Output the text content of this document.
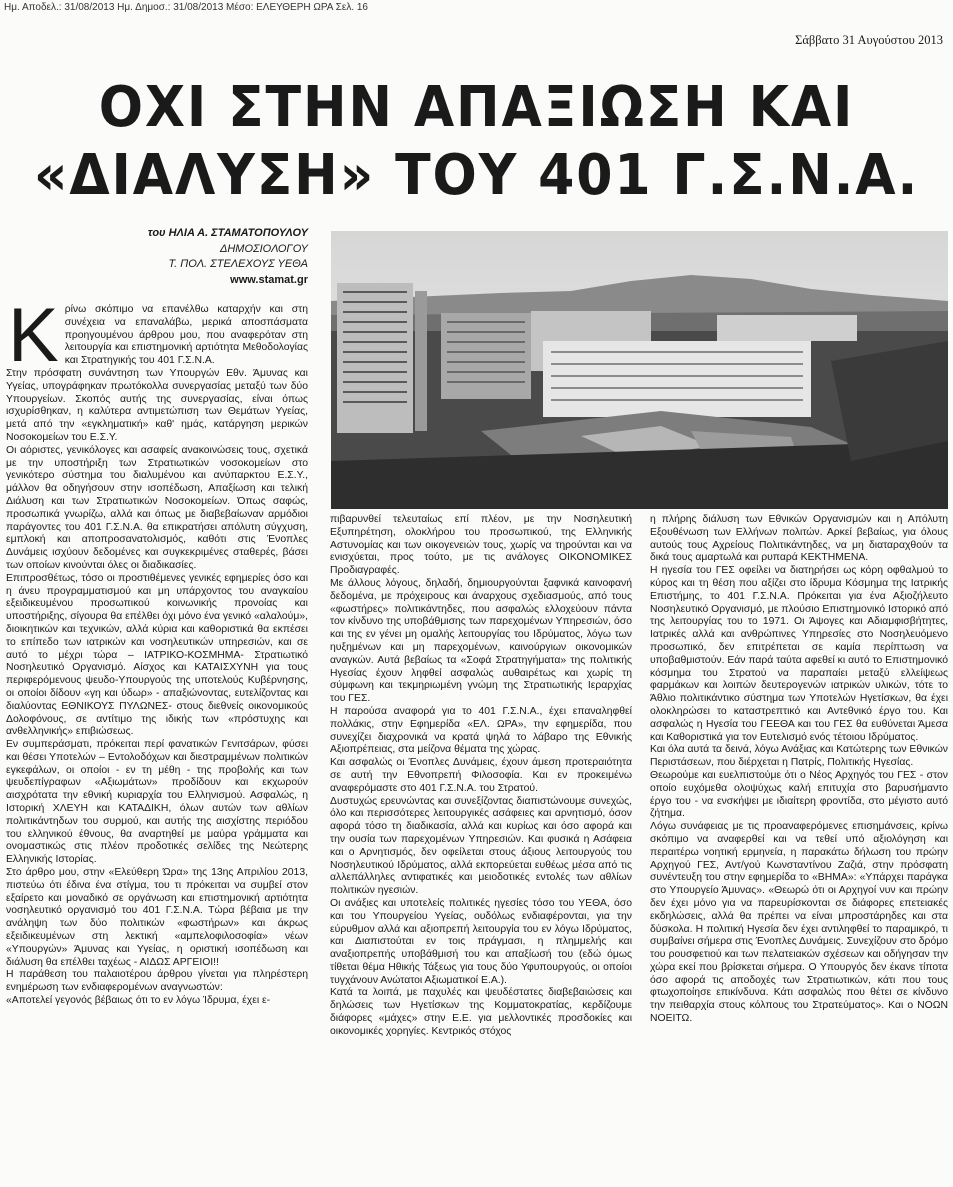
Ημ. Αποδελ.: 31/08/2013 Ημ. Δημοσ.: 31/08/2013 Μέσο: ΕΛΕΥΘΕΡΗ ΩΡΑ Σελ. 16
Σάββατο 31 Αυγούστου 2013
ΟΧΙ ΣΤΗΝ ΑΠΑΞΙΩΣΗ ΚΑΙ
«ΔΙΑΛΥΣΗ» ΤΟΥ 401 Γ.Σ.Ν.Α.
του ΗΛΙΑ Α. ΣΤΑΜΑΤΟΠΟΥΛΟΥ
ΔΗΜΟΣΙΟΛΟΓΟΥ
Τ. ΠΟΛ. ΣΤΕΛΕΧΟΥΣ ΥΕΘΑ
www.stamat.gr
Κ ρίνω σκόπιμο να επανέλθω καταρχήν και στη συνέχεια να επαναλάβω, μερικά αποσπάσματα προηγουμένου άρθρου μου, που αναφερόταν στη λειτουργία και επιστημονική αρτιότητα Μεθοδολογίας και Στρατηγικής του 401 Γ.Σ.Ν.Α.

Στην πρόσφατη συνάντηση των Υπουργών Εθν. Άμυνας και Υγείας, υπογράφηκαν πρωτόκολλα συνεργασίας μεταξύ των δύο Υπουργείων. Σκοπός αυτής της συνεργασίας, είναι όπως ισχυρίσθηκαν, η καλύτερα αντιμετώπιση των Θεμάτων Υγείας, μετά από την «εγκληματική» καθ' ημάς, κατάργηση μερικών Νοσοκομείων του Ε.Σ.Υ.

Οι αόριστες, γενικόλογες και ασαφείς ανακοινώσεις τους, σχετικά με την υποστήριξη των Στρατιωτικών νοσοκομείων στο γενικότερο σύστημα του διαλυμένου και ανύπαρκτου Ε.Σ.Υ., μάλλον θα οδηγήσουν στην ισοπέδωση, Απαξίωση και τελική Διάλυση και των Στρατιωτικών Νοσοκομείων. Όπως σαφώς, προσωπικά γνωρίζω, αλλά και όπως με διαβεβαίωναν αρμόδιοι παράγοντες του 401 Γ.Σ.Ν.Α. θα επικρατήσει απόλυτη σύγχυση, εμπλοκή και αποπροσανατολισμός, καθότι στις Ένοπλες Δυνάμεις ισχύουν δεδομένες και συγκεκριμένες σταθερές, βάσει των οποίων κινούνται όλες οι διαδικασίες.

Επιπροσθέτως, τόσο οι προστιθέμενες γενικές εφημερίες όσο και η άνευ προγραμματισμού και μη υπάρχοντος του αναγκαίου εξειδικευμένου προσωπικού κοινωνικής προνοίας και υποστήριξης, σίγουρα θα επέλθει όχι μόνο ένα γενικό «αλαλούμ», διοικητικών και τεχνικών, αλλά κύρια και καθοριστικά θα εκπέσει το επίπεδο των ιατρικών και νοσηλευτικών υπηρεσιών, και σε αυτό το μέχρι τώρα – ΙΑΤΡΙΚΟ-ΚΟΣΜΗΜΑ- Στρατιωτικό Νοσηλευτικό Οργανισμό. Αίσχος και ΚΑΤΑΙΣΧΥΝΗ για τους περιφερόμενους ψευδο-Υπουργούς της υποτελούς Κυβέρνησης, οι οποίοι δίδουν «γη και ύδωρ» - απαξιώνοντας, ευτελίζοντας και διαλύοντας ΕΘΝΙΚΟΥΣ ΠΥΛΩΝΕΣ- στους διεθνείς οικονομικούς Δολοφόνους, σε αντίτιμο της ιδικής των «πρόστυχης και ανθελληνικής» επιβιώσεως.

Εν συμπεράσματι, πρόκειται περί φανατικών Γενιτσάρων, φύσει και θέσει Υποτελών – Εντολοδόχων και διεστραμμένων πολιτικών εγκεφάλων, οι οποίοι - εν τη μέθη - της προβολής και των ψευδεπίγραφων «Αξιωμάτων» προδίδουν και εκχωρούν αισχρότατα την εθνική κυριαρχία του Ελληνισμού. Ασφαλώς, η Ιστορική ΧΛΕΥΗ και ΚΑΤΑΔΙΚΗ, όλων αυτών των αθλίων πολιτικάντηδων του συρμού, και αυτής της αισχίστης περιόδου του ελληνικού έθνους, θα αναρτηθεί με μαύρα γράμματα και ονομαστικώς στις πλέον προδοτικές σελίδες της Νεώτερης Ελληνικής Ιστορίας.

Στο άρθρο μου, στην «Ελεύθερη Ώρα» της 13ης Απριλίου 2013, πιστεύω ότι έδινα ένα στίγμα, του τι πρόκειται να συμβεί στον εξαίρετο και μοναδικό σε οργάνωση και επιστημονική αρτιότητα νοσηλευτικό οργανισμό του 401 Γ.Σ.Ν.Α. Τώρα βέβαια με την ανάληψη των δύο πολιτικών «φωστήρων» και άκρως εξειδικευμένων στη λεκτική «αμπελοφιλοσοφία» νέων «Υπουργών» Άμυνας και Υγείας, η οριστική ισοπέδωση και διάλυση θα επέλθει ταχέως - ΑΙΔΩΣ ΑΡΓΕΙΟΙ!!

Η παράθεση του παλαιοτέρου άρθρου γίνεται για πληρέστερη ενημέρωση των ενδιαφερομένων αναγνωστών:

«Αποτελεί γεγονός βέβαιως ότι το εν λόγω Ίδρυμα, έχει ε-

πιβαρυνθεί τελευταίως επί πλέον, με την Νοσηλευτική Εξυπηρέτηση, ολοκλήρου του προσωπικού, της Ελληνικής Αστυνομίας και των οικογενειών τους, χωρίς να τηρούνται και να ενισχύεται, προς τούτο, με τις ανάλογες ΟΙΚΟΝΟΜΙΚΕΣ Προδιαγραφές.

Με άλλους λόγους, δηλαδή, δημιουργούνται ξαφνικά καινοφανή δεδομένα, με πρόχειρους και άναρχους σχεδιασμούς, από τους «φωστήρες» πολιτικάντηδες, που ασφαλώς ελλοχεύουν πάντα τον κίνδυνο της υποβάθμισης των παρεχομένων Υπηρεσιών, όσο και της εν γένει μη ομαλής λειτουργίας του Ιδρύματος, λόγω των ηυξημένων και μη παρεχομένων, καινούργιων οικονομικών αναγκών. Αυτά βεβαίως τα «Σοφά Στρατηγήματα» της πολιτικής Ηγεσίας έχουν ληφθεί ασφαλώς αυθαιρέτως και χωρίς τη σύμφωνη και τεκμηριωμένη γνώμη της Στρατιωτικής Ιεραρχίας του ΓΕΣ.

Η παρούσα αναφορά για το 401 Γ.Σ.Ν.Α., έχει επαναληφθεί πολλάκις, στην Εφημερίδα «ΕΛ. ΩΡΑ», την εφημερίδα, που συνεχίζει διαχρονικά να κρατά ψηλά το λάβαρο της Εθνικής Αξιοπρέπειας, στα μείζονα θέματα της χώρας.

Και ασφαλώς οι Ένοπλες Δυνάμεις, έχουν άμεση προτεραιότητα σε αυτή την Εθνοπρεπή Φιλοσοφία. Και εν προκειμένω αναφερόμαστε στο 401 Γ.Σ.Ν.Α. του Στρατού.

Δυστυχώς ερευνώντας και συνεξίζοντας διαπιστώνουμε συνεχώς, όλο και περισσότερες λειτουργικές ασάφειες και αρνητισμό, όσον αφορά τόσο τη διαδικασία, αλλά και κυρίως και όσο αφορά και την ουσία των παρεχομένων Υπηρεσιών. Και φυσικά η Ασάφεια και ο Αρνητισμός, δεν οφείλεται στους άξιους λειτουργούς του Νοσηλευτικού Ιδρύματος, αλλά εκπορεύεται ευθέως μέσα από τις αλλεπάλληλες αντιφατικές και μειοδοτικές εντολές των αθλίων πολιτικών ηγεσιών.

Οι ανάξιες και υποτελείς πολιτικές ηγεσίες τόσο του ΥΕΘΑ, όσο και του Υπουργείου Υγείας, ουδόλως ενδιαφέρονται, για την εύρυθμον αλλά και αξιοπρεπή λειτουργία του εν λόγω Ιδρύματος, και Διαπιστούται εν τοις πράγμασι, η πλημμελής και αναξιοπρεπής υποβάθμισή του και απαξίωσή του (εδώ όμως τίθεται θέμα Ηθικής Τάξεως για τους δύο Υφυπουργούς, οι οποίοι τυγχάνουν Ανώτατοι Αξιωματικοί Ε.Α.).

Κατά τα λοιπά, με παχυλές και ψευδέστατες διαβεβαιώσεις και δηλώσεις των Ηγετίσκων της Κομματοκρατίας, κερδίζουμε διάφορες «μάχες» στην Ε.Ε. για μελλοντικές προσδοκίες και οικονομικές χορηγίες. Κεντρικός στόχος

η πλήρης διάλυση των Εθνικών Οργανισμών και η Απόλυτη Εξουθένωση των Ελλήνων πολιτών. Αρκεί βεβαίως, για όλους αυτούς τους Αχρείους Πολιτικάντηδες, να μη διαταραχθούν τα δικά τους αμαρτωλά και ρυπαρά ΚΕΚΤΗΜΕΝΑ.

Η ηγεσία του ΓΕΣ οφείλει να διατηρήσει ως κόρη οφθαλμού το κύρος και τη θέση που αξίζει στο ίδρυμα Κόσμημα της Ιατρικής Επιστήμης, το 401 Γ.Σ.Ν.Α. Πρόκειται για ένα Αξιοζήλευτο Νοσηλευτικό Οργανισμό, με πλούσιο Επιστημονικό Ιστορικό από της λειτουργίας του το 1971. Οι Άψογες και Αδιαμφισβήτητες, Ιατρικές αλλά και ανθρώπινες Υπηρεσίες στο Νοσηλευόμενο προσωπικό, δεν επιτρέπεται σε καμία περίπτωση να υποβαθμιστούν. Εάν παρά ταύτα αφεθεί κι αυτό το Επιστημονικό κόσμημα του Στρατού να παραπαίει μεταξύ ελλείψεως φαρμάκων και λοιπών δευτερογενών ιατρικών υλικών, τότε το Άθλιο πολιτικάντικο σύστημα των Υποτελών Ηγετίσκων, θα έχει ολοκληρώσει το καταστρεπτικό και Αντεθνικό έργο του. Και ασφαλώς η Ηγεσία του ΓΕΕΘΑ και του ΓΕΣ θα ευθύνεται Άμεσα και Καθοριστικά για τον Ευτελισμό ενός τέτοιου Ιδρύματος.

Και όλα αυτά τα δεινά, λόγω Ανάξιας και Κατώτερης των Εθνικών Περιστάσεων, που διέρχεται η Πατρίς, Πολιτικής Ηγεσίας.

Θεωρούμε και ευελπιστούμε ότι ο Νέος Αρχηγός του ΓΕΣ - στον οποίο ευχόμεθα ολοψύχως καλή επιτυχία στο βαρυσήμαντο έργο του - να ενσκήψει με ιδιαίτερη φροντίδα, στο μέγιστο αυτό ζήτημα.

Λόγω συνάφειας με τις προαναφερόμενες επισημάνσεις, κρίνω σκόπιμο να αναφερθεί και να τεθεί υπό αξιολόγηση και περαιτέρω νοητική ερμηνεία, η παρακάτω δήλωση του πρώην Αρχηγού ΓΕΣ, Αντ/γού Κωνσταντίνου Ζαζιά, στην πρόσφατη συνέντευξη του στην εφημερίδα το «ΒΗΜΑ»: «Υπάρχει παράγκα στο Υπουργείο Άμυνας». «Θεωρώ ότι οι Αρχηγοί νυν και πρώην δεν έχει μόνο για να παρευρίσκονται σε διάφορες επετειακές εκδηλώσεις, αλλά θα πρέπει να είναι μπροστάρηδες και στα δύσκολα. Η πολιτική Ηγεσία δεν έχει αντιληφθεί το παραμικρό, τι συμβαίνει σήμερα στις Ένοπλες Δυνάμεις. Συνεχίζουν στο δρόμο του ρουσφετιού και των πελατειακών σχέσεων και οδήγησαν την χώρα εκεί που βρίσκεται σήμερα. Ο Υπουργός δεν έκανε τίποτα όσο αφορά τις αποδοχές των Στρατιωτικών, κάτι που τους φτωχοποίησε επικίνδυνα. Κάτι ασφαλώς που θέτει σε κίνδυνο την πειθαρχία στους κόλπους του Στρατεύματος». Και ο ΝΟΩΝ ΝΟΕΙΤΩ.
